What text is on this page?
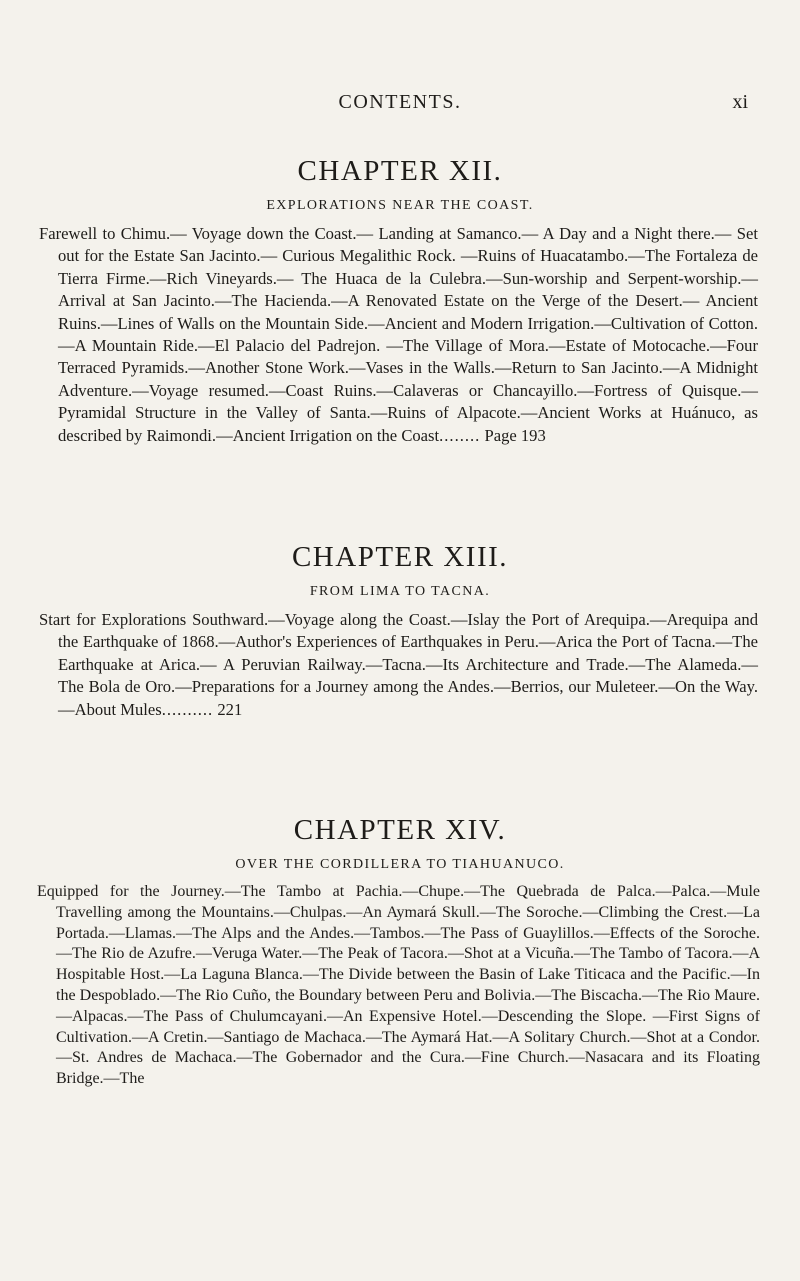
CONTENTS.	xi
CHAPTER XII.
EXPLORATIONS NEAR THE COAST.

Farewell to Chimu.— Voyage down the Coast.— Landing at Samanco.— A Day and a Night there.— Set out for the Estate San Jacinto.— Curious Megalithic Rock. —Ruins of Huacatambo.—The Fortaleza de Tierra Firme.—Rich Vineyards.— The Huaca de la Culebra.—Sun-worship and Serpent-worship.—Arrival at San Jacinto.—The Hacienda.—A Renovated Estate on the Verge of the Desert.— Ancient Ruins.—Lines of Walls on the Mountain Side.—Ancient and Modern Irrigation.—Cultivation of Cotton.—A Mountain Ride.—El Palacio del Padrejon. —The Village of Mora.—Estate of Motocache.—Four Terraced Pyramids.—Another Stone Work.—Vases in the Walls.—Return to San Jacinto.—A Midnight Adventure.—Voyage resumed.—Coast Ruins.—Calaveras or Chancayillo.—Fortress of Quisque.—Pyramidal Structure in the Valley of Santa.—Ruins of Alpacote.—Ancient Works at Huánuco, as described by Raimondi.—Ancient Irrigation on the Coast........ Page 193

CHAPTER XIII.
FROM LIMA TO TACNA.

Start for Explorations Southward.—Voyage along the Coast.—Islay the Port of Arequipa.—Arequipa and the Earthquake of 1868.—Author's Experiences of Earthquakes in Peru.—Arica the Port of Tacna.—The Earthquake at Arica.— A Peruvian Railway.—Tacna.—Its Architecture and Trade.—The Alameda.— The Bola de Oro.—Preparations for a Journey among the Andes.—Berrios, our Muleteer.—On the Way.—About Mules.......... 221

CHAPTER XIV.
OVER THE CORDILLERA TO TIAHUANUCO.

Equipped for the Journey.—The Tambo at Pachia.—Chupe.—The Quebrada de Palca.—Palca.—Mule Travelling among the Mountains.—Chulpas.—An Aymará Skull.—The Soroche.—Climbing the Crest.—La Portada.—Llamas.—The Alps and the Andes.—Tambos.—The Pass of Guaylillos.—Effects of the Soroche.—The Rio de Azufre.—Veruga Water.—The Peak of Tacora.—Shot at a Vicuña.—The Tambo of Tacora.—A Hospitable Host.—La Laguna Blanca.—The Divide between the Basin of Lake Titicaca and the Pacific.—In the Despoblado.—The Rio Cuño, the Boundary between Peru and Bolivia.—The Biscacha.—The Rio Maure.—Alpacas.—The Pass of Chulumcayani.—An Expensive Hotel.—Descending the Slope. —First Signs of Cultivation.—A Cretin.—Santiago de Machaca.—The Aymará Hat.—A Solitary Church.—Shot at a Condor.—St. Andres de Machaca.—The Gobernador and the Cura.—Fine Church.—Nasacara and its Floating Bridge.—The
